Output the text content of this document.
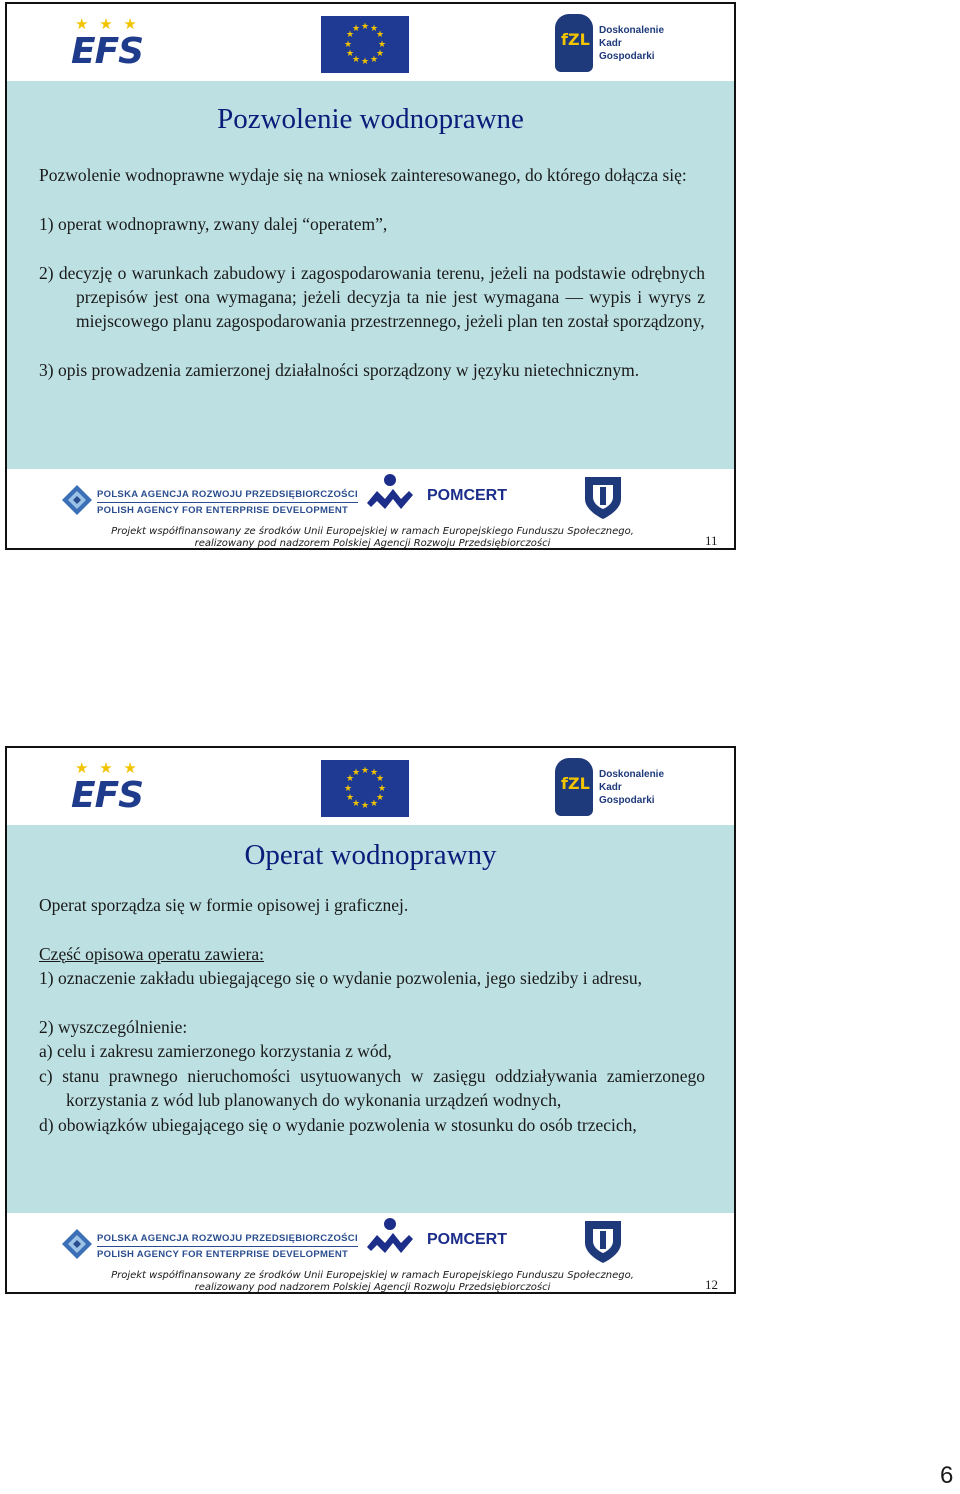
★ ★ ★
EFS
★ ★
★
★
★
★
★
★
★
★
★
★
fZL Doskonalenie
Kadr
Gospodarki
Pozwolenie wodnoprawne

Pozwolenie wodnoprawne wydaje się na wniosek zainteresowanego, do którego dołącza się:

1) operat wodnoprawny, zwany dalej “operatem”,

2) decyzję o warunkach zabudowy i zagospodarowania terenu, jeżeli na podstawie odrębnych przepisów jest ona wymagana; jeżeli decyzja ta nie jest wymagana — wypis i wyrys z miejscowego planu zagospodarowania przestrzennego, jeżeli plan ten został sporządzony,

3) opis prowadzenia zamierzonej działalności sporządzony w języku nietechnicznym.

POLSKA AGENCJA ROZWOJU PRZEDSIĘBIORCZOŚCI
POLISH AGENCY FOR ENTERPRISE DEVELOPMENT
POMCERT
Projekt współfinansowany ze środków Unii Europejskiej w ramach Europejskiego Funduszu Społecznego,
realizowany pod nadzorem Polskiej Agencji Rozwoju Przedsiębiorczości	11
★ ★ ★
EFS
★ ★
★
★
★
★
★
★
★
★
★
★
fZL Doskonalenie
Kadr
Gospodarki
Operat wodnoprawny

Operat sporządza się w formie opisowej i graficznej.

Część opisowa operatu zawiera:

1) oznaczenie zakładu ubiegającego się o wydanie pozwolenia, jego siedziby i adresu,

2) wyszczególnienie:

a) celu i zakresu zamierzonego korzystania z wód,

c) stanu prawnego nieruchomości usytuowanych w zasięgu oddziaływania zamierzonego korzystania z wód lub planowanych do wykonania urządzeń wodnych,

d) obowiązków ubiegającego się o wydanie pozwolenia w stosunku do osób trzecich,

POLSKA AGENCJA ROZWOJU PRZEDSIĘBIORCZOŚCI
POLISH AGENCY FOR ENTERPRISE DEVELOPMENT
POMCERT
Projekt współfinansowany ze środków Unii Europejskiej w ramach Europejskiego Funduszu Społecznego,
realizowany pod nadzorem Polskiej Agencji Rozwoju Przedsiębiorczości	12
6
